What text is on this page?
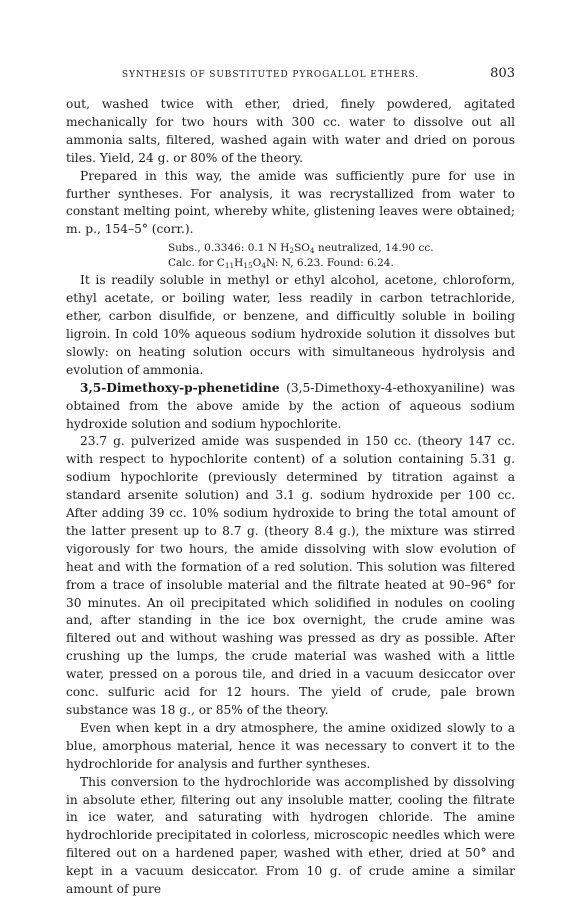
SYNTHESIS OF SUBSTITUTED PYROGALLOL ETHERS.	803

out, washed twice with ether, dried, finely powdered, agitated mechanically for two hours with 300 cc. water to dissolve out all ammonia salts, filtered, washed again with water and dried on porous tiles. Yield, 24 g. or 80% of the theory.

Prepared in this way, the amide was sufficiently pure for use in further syntheses. For analysis, it was recrystallized from water to constant melting point, whereby white, glistening leaves were obtained; m. p., 154–5° (corr.).

Subs., 0.3346: 0.1 N $H_2SO_4$ neutralized, 14.90 cc.
Calc. for $C_{11}H_{15}O_4N$: N, 6.23. Found: 6.24.

It is readily soluble in methyl or ethyl alcohol, acetone, chloroform, ethyl acetate, or boiling water, less readily in carbon tetrachloride, ether, carbon disulfide, or benzene, and difficultly soluble in boiling ligroin. In cold 10% aqueous sodium hydroxide solution it dissolves but slowly: on heating solution occurs with simultaneous hydrolysis and evolution of ammonia.

3,5-Dimethoxy-p-phenetidine (3,5-Dimethoxy-4-ethoxyaniline) was obtained from the above amide by the action of aqueous sodium hydroxide solution and sodium hypochlorite.

23.7 g. pulverized amide was suspended in 150 cc. (theory 147 cc. with respect to hypochlorite content) of a solution containing 5.31 g. sodium hypochlorite (previously determined by titration against a standard arsenite solution) and 3.1 g. sodium hydroxide per 100 cc. After adding 39 cc. 10% sodium hydroxide to bring the total amount of the latter present up to 8.7 g. (theory 8.4 g.), the mixture was stirred vigorously for two hours, the amide dissolving with slow evolution of heat and with the formation of a red solution. This solution was filtered from a trace of insoluble material and the filtrate heated at 90–96° for 30 minutes. An oil precipitated which solidified in nodules on cooling and, after standing in the ice box overnight, the crude amine was filtered out and without washing was pressed as dry as possible. After crushing up the lumps, the crude material was washed with a little water, pressed on a porous tile, and dried in a vacuum desiccator over conc. sulfuric acid for 12 hours. The yield of crude, pale brown substance was 18 g., or 85% of the theory.

Even when kept in a dry atmosphere, the amine oxidized slowly to a blue, amorphous material, hence it was necessary to convert it to the hydrochloride for analysis and further syntheses.

This conversion to the hydrochloride was accomplished by dissolving in absolute ether, filtering out any insoluble matter, cooling the filtrate in ice water, and saturating with hydrogen chloride. The amine hydrochloride precipitated in colorless, microscopic needles which were filtered out on a hardened paper, washed with ether, dried at 50° and kept in a vacuum desiccator. From 10 g. of crude amine a similar amount of pure
